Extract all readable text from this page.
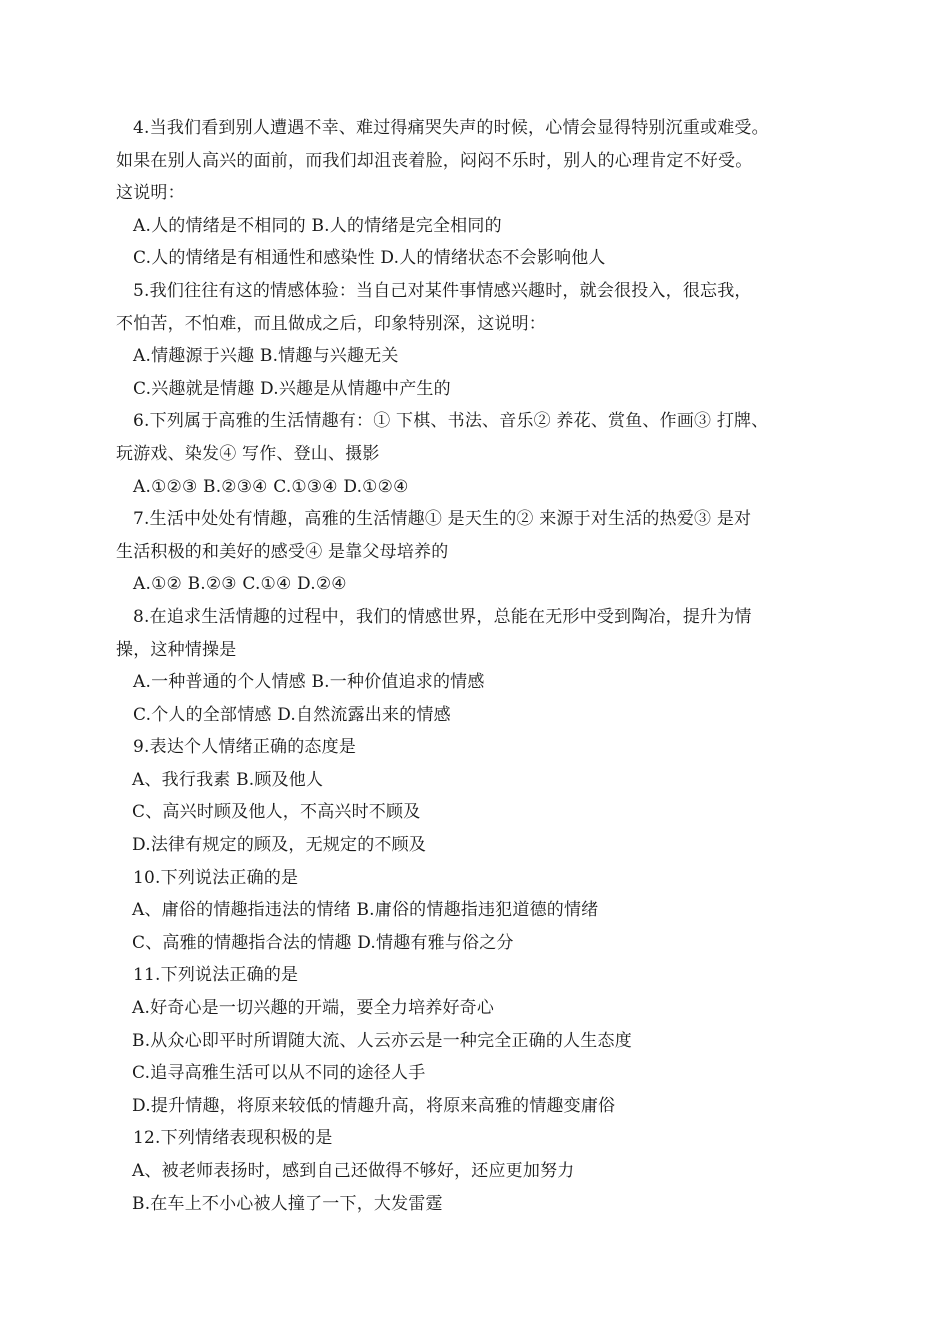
4.当我们看到别人遭遇不幸、难过得痛哭失声的时候，心情会显得特别沉重或难受。
如果在别人高兴的面前，而我们却沮丧着脸，闷闷不乐时，别人的心理肯定不好受。
这说明：
A.人的情绪是不相同的 B.人的情绪是完全相同的
C.人的情绪是有相通性和感染性 D.人的情绪状态不会影响他人
5.我们往往有这的情感体验：当自己对某件事情感兴趣时，就会很投入，很忘我，
不怕苦，不怕难，而且做成之后，印象特别深，这说明：
A.情趣源于兴趣 B.情趣与兴趣无关
C.兴趣就是情趣 D.兴趣是从情趣中产生的
6.下列属于高雅的生活情趣有：① 下棋、书法、音乐② 养花、赏鱼、作画③ 打牌、
玩游戏、染发④ 写作、登山、摄影
A.①②③ B.②③④ C.①③④ D.①②④
7.生活中处处有情趣，高雅的生活情趣① 是天生的② 来源于对生活的热爱③ 是对
生活积极的和美好的感受④ 是靠父母培养的
A.①② B.②③ C.①④ D.②④
8.在追求生活情趣的过程中，我们的情感世界，总能在无形中受到陶冶，提升为情
操，这种情操是
A.一种普通的个人情感 B.一种价值追求的情感
C.个人的全部情感 D.自然流露出来的情感
9.表达个人情绪正确的态度是
A、我行我素 B.顾及他人
C、高兴时顾及他人，不高兴时不顾及
D.法律有规定的顾及，无规定的不顾及
10.下列说法正确的是
A、庸俗的情趣指违法的情绪 B.庸俗的情趣指违犯道德的情绪
C、高雅的情趣指合法的情趣 D.情趣有雅与俗之分
11.下列说法正确的是
A.好奇心是一切兴趣的开端，要全力培养好奇心
B.从众心即平时所谓随大流、人云亦云是一种完全正确的人生态度
C.追寻高雅生活可以从不同的途径人手
D.提升情趣，将原来较低的情趣升高，将原来高雅的情趣变庸俗
12.下列情绪表现积极的是
A、被老师表扬时，感到自己还做得不够好，还应更加努力
B.在车上不小心被人撞了一下，大发雷霆
